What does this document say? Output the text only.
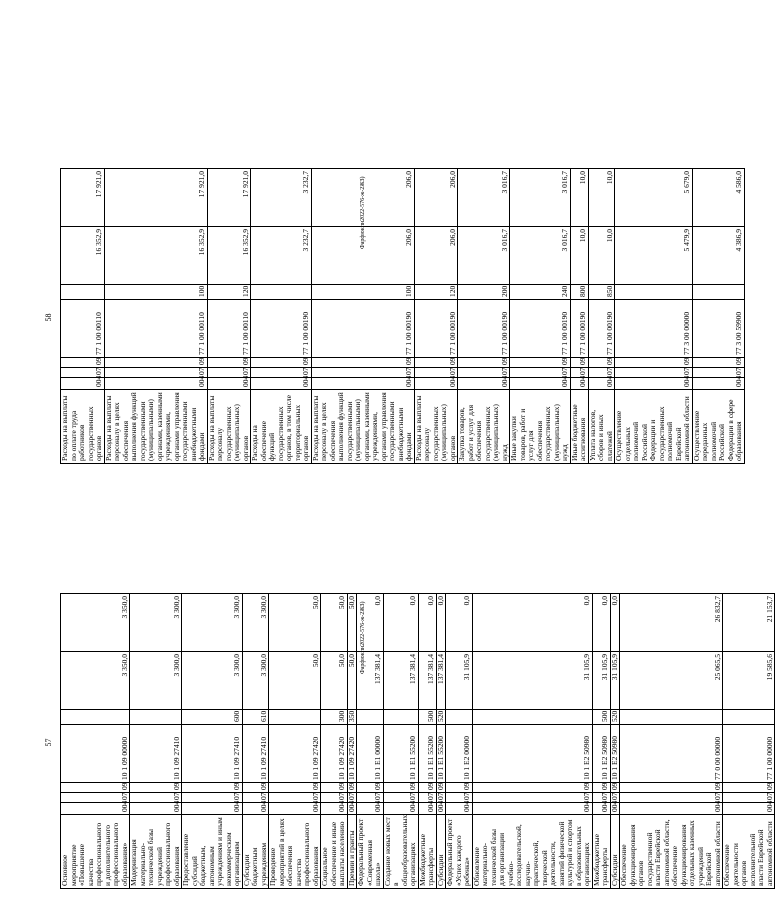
Основное мероприятие «Повышение качества профессионального и дополнительного профессионального образования»	004	07	09	10 1 09 00000		3 350,0	3 350,0
Модернизация материально-технической базы учреждений профессионального образования	004	07	09	10 1 09 27410		3 300,0	3 300,0
Предоставление субсидий бюджетным, автономным учреждениям и иным некоммерческим организациям	004	07	09	10 1 09 27410	600	3 300,0	3 300,0
Субсидии бюджетным учреждениям	004	07	09	10 1 09 27410	610	3 300,0	3 300,0
Проведение мероприятий в целях обеспечения качества профессионального образования	004	07	09	10 1 09 27420		50,0	50,0
Социальное обеспечение и иные выплаты населению	004	07	09	10 1 09 27420	300	50,0	50,0
Премии и гранты	004	07	09	10 1 09 27420	350	50,0	50,0
Федеральный проект «Современная школа»	004	07	09	10 1 E1 00000		137 381,4	0,0
Создание новых мест в общеобразовательных организациях	004	07	09	10 1 E1 55200		137 381,4	0,0
Межбюджетные трансферты	004	07	09	10 1 E1 55200	500	137 381,4	0,0
Субсидии	004	07	09	10 1 E1 55200	520	137 381,4	0,0
Федеральный проект «Успех каждого ребенка»	004	07	09	10 1 E2 00000		31 105,9	0,0
Обновление материально-технической базы для организации учебно-исследовательской, научно-практической, творческой деятельности, занятий физической культурой и спортом в образовательных организациях	004	07	09	10 1 E2 50980		31 105,9	0,0
Межбюджетные трансферты	004	07	09	10 1 E2 50980	500	31 105,9	0,0
Субсидии	004	07	09	10 1 E2 50980	520	31 105,9	0,0
Обеспечение функционирования органов государственной власти Еврейской автономной области, обеспечение функционирования отдельных казенных учреждений Еврейской автономной области	004	07	09	77 0 00 00000		25 065,5	26 832,7
Обеспечение деятельности органов исполнительной власти Еврейской автономной области	004	07	09	77 1 00 00000		19 585,6	21 153,7
57
Фарфюкпн2022-576-ж-2ЖЗ)
Расходы на выплаты по оплате труда работников государственных органов	004	07	09	77 1 00 00110		16 352,9	17 921,0
Расходы на выплаты персоналу в целях обеспечения выполнения функций государственными (муниципальными) органами, казенными учреждениями, органами управления государственными внебюджетными фондами	004	07	09	77 1 00 00110	100	16 352,9	17 921,0
Расходы на выплаты персоналу государственных (муниципальных) органов	004	07	09	77 1 00 00110	120	16 352,9	17 921,0
Расходы на обеспечение функций государственных органов, в том числе территориальных органов	004	07	09	77 1 00 00190		3 232,7	3 232,7
Расходы на выплаты персоналу в целях обеспечения выполнения функций государственными (муниципальными) органами, казенными учреждениями, органами управления государственными внебюджетными фондами	004	07	09	77 1 00 00190	100	206,0	206,0
Расходы на выплаты персоналу государственных (муниципальных) органов	004	07	09	77 1 00 00190	120	206,0	206,0
Закупка товаров, работ и услуг для обеспечения государственных (муниципальных) нужд	004	07	09	77 1 00 00190	200	3 016,7	3 016,7
Иные закупки товаров, работ и услуг для обеспечения государственных (муниципальных) нужд	004	07	09	77 1 00 00190	240	3 016,7	3 016,7
Иные бюджетные ассигнования	004	07	09	77 1 00 00190	800	10,0	10,0
Уплата налогов, сборов и иных платежей	004	07	09	77 1 00 00190	850	10,0	10,0
Осуществление отдельных полномочий Российской Федерации и государственных полномочий Еврейской автономной области	004	07	09	77 3 00 00000		5 479,9	5 679,0
Осуществление переданных полномочий Российской Федерации в сфере образования	004	07	09	77 3 00 59900		4 386,9	4 586,0
58
Фарфюкпн2022-576-ж-2ЖЗ)
